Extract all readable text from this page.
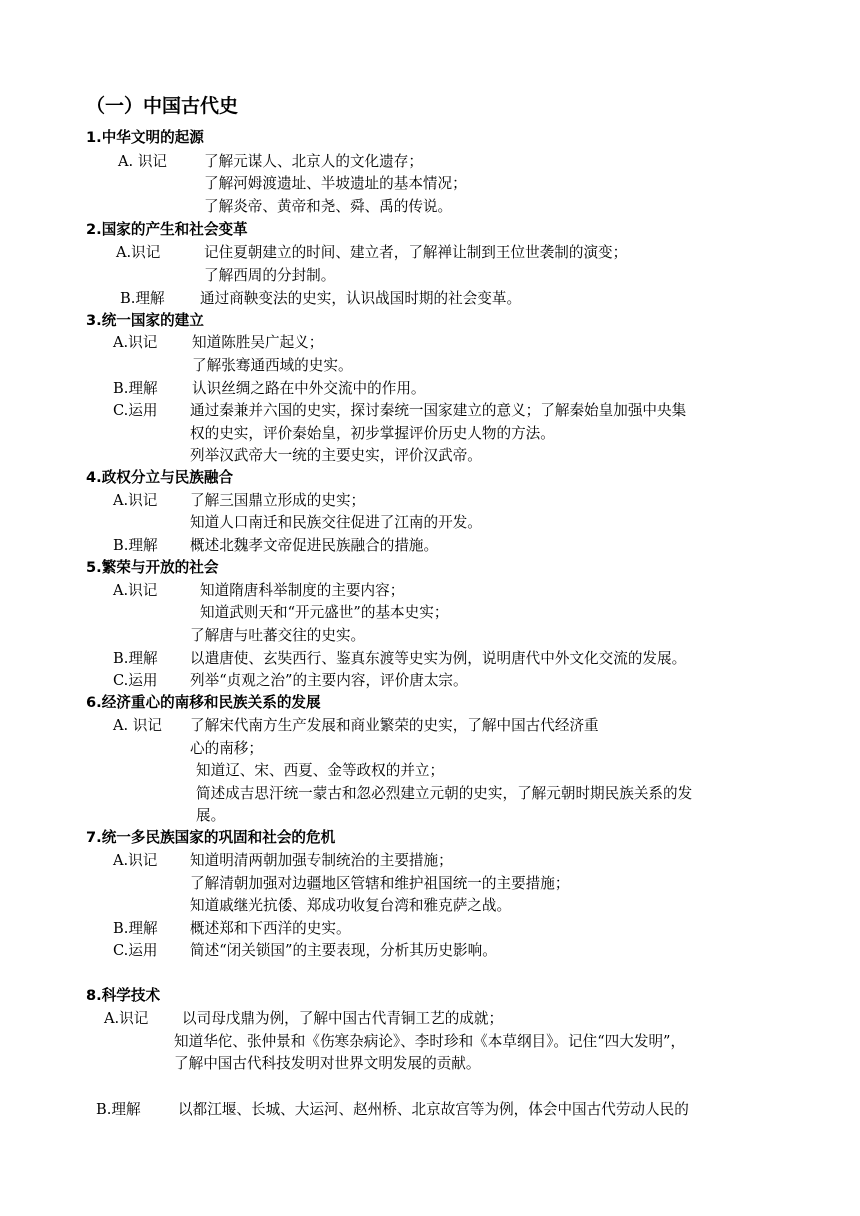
（一）中国古代史
1.中华文明的起源
A. 识记	了解元谋人、北京人的文化遗存；
了解河姆渡遗址、半坡遗址的基本情况；
了解炎帝、黄帝和尧、舜、禹的传说。
2.国家的产生和社会变革
A.识记	记住夏朝建立的时间、建立者，了解禅让制到王位世袭制的演变；
了解西周的分封制。
B.理解 通过商鞅变法的史实，认识战国时期的社会变革。
3.统一国家的建立
A.识记 知道陈胜吴广起义；
了解张骞通西域的史实。
B.理解 认识丝绸之路在中外交流中的作用。
C.运用 通过秦兼并六国的史实，探讨秦统一国家建立的意义；了解秦始皇加强中央集
权的史实，评价秦始皇，初步掌握评价历史人物的方法。
列举汉武帝大一统的主要史实，评价汉武帝。
4.政权分立与民族融合
A.识记 了解三国鼎立形成的史实；
知道人口南迁和民族交往促进了江南的开发。
B.理解 概述北魏孝文帝促进民族融合的措施。
5.繁荣与开放的社会
A.识记	知道隋唐科举制度的主要内容；
知道武则天和“开元盛世”的基本史实；
了解唐与吐蕃交往的史实。
B.理解 以遣唐使、玄奘西行、鉴真东渡等史实为例，说明唐代中外文化交流的发展。
C.运用 列举“贞观之治”的主要内容，评价唐太宗。
6.经济重心的南移和民族关系的发展
A. 识记 了解宋代南方生产发展和商业繁荣的史实，了解中国古代经济重
心的南移；
知道辽、宋、西夏、金等政权的并立；
简述成吉思汗统一蒙古和忽必烈建立元朝的史实，了解元朝时期民族关系的发
展。
7.统一多民族国家的巩固和社会的危机
A.识记 知道明清两朝加强专制统治的主要措施；
了解清朝加强对边疆地区管辖和维护祖国统一的主要措施；
知道戚继光抗倭、郑成功收复台湾和雅克萨之战。
B.理解 概述郑和下西洋的史实。
C.运用 简述“闭关锁国”的主要表现，分析其历史影响。
8.科学技术
A.识记 以司母戊鼎为例，了解中国古代青铜工艺的成就；
知道华佗、张仲景和《伤寒杂病论》、李时珍和《本草纲目》。记住“四大发明”，
了解中国古代科技发明对世界文明发展的贡献。
B.理解	以都江堰、长城、大运河、赵州桥、北京故宫等为例，体会中国古代劳动人民的
